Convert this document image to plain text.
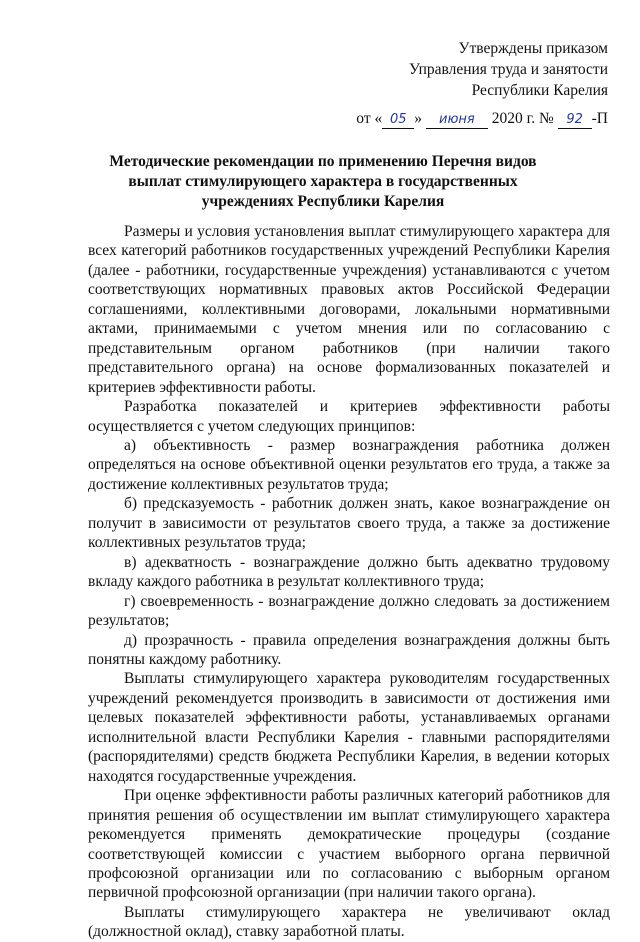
Утверждены приказом
Управления труда и занятости
Республики Карелия
от « 05 » июня 2020 г. № 92 -П
Методические рекомендации по применению Перечня видов выплат стимулирующего характера в государственных учреждениях Республики Карелия

Размеры и условия установления выплат стимулирующего характера для всех категорий работников государственных учреждений Республики Карелия (далее - работники, государственные учреждения) устанавливаются с учетом соответствующих нормативных правовых актов Российской Федерации соглашениями, коллективными договорами, локальными нормативными актами, принимаемыми с учетом мнения или по согласованию с представительным органом работников (при наличии такого представительного органа) на основе формализованных показателей и критериев эффективности работы.

Разработка показателей и критериев эффективности работы осуществляется с учетом следующих принципов:

а) объективность - размер вознаграждения работника должен определяться на основе объективной оценки результатов его труда, а также за достижение коллективных результатов труда;

б) предсказуемость - работник должен знать, какое вознаграждение он получит в зависимости от результатов своего труда, а также за достижение коллективных результатов труда;

в) адекватность - вознаграждение должно быть адекватно трудовому вкладу каждого работника в результат коллективного труда;

г) своевременность - вознаграждение должно следовать за достижением результатов;

д) прозрачность - правила определения вознаграждения должны быть понятны каждому работнику.

Выплаты стимулирующего характера руководителям государственных учреждений рекомендуется производить в зависимости от достижения ими целевых показателей эффективности работы, устанавливаемых органами исполнительной власти Республики Карелия - главными распорядителями (распорядителями) средств бюджета Республики Карелия, в ведении которых находятся государственные учреждения.

При оценке эффективности работы различных категорий работников для принятия решения об осуществлении им выплат стимулирующего характера рекомендуется применять демократические процедуры (создание соответствующей комиссии с участием выборного органа первичной профсоюзной организации или по согласованию с выборным органом первичной профсоюзной организации (при наличии такого органа).

Выплаты стимулирующего характера не увеличивают оклад (должностной оклад), ставку заработной платы.
